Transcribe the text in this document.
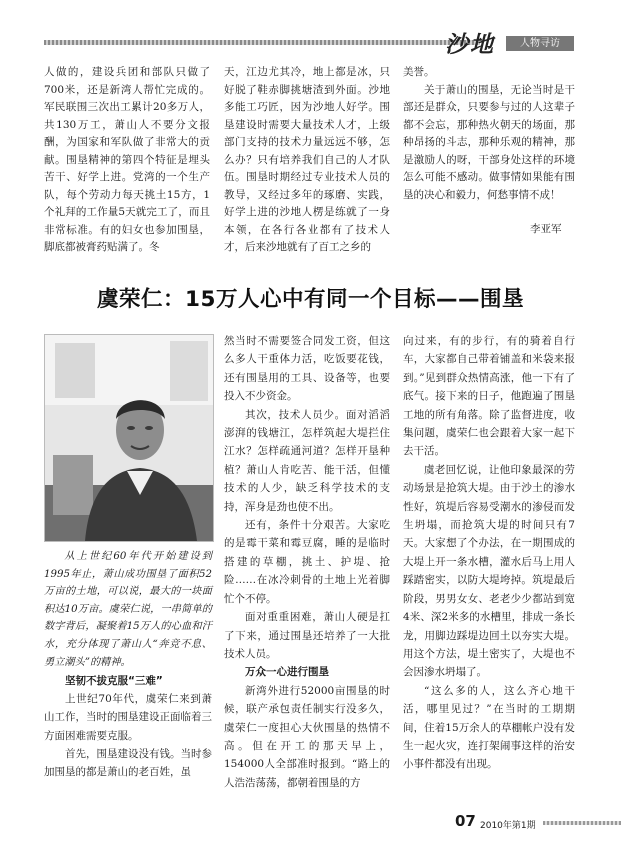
沙地	人物寻访

人做的，建设兵团和部队只做了700米，还是新湾人帮忙完成的。军民联围三次出工累计20多万人，共130万工，萧山人不要分文报酬，为国家和军队做了非常大的贡献。围垦精神的第四个特征是埋头苦干、好学上进。党湾的一个生产队，每个劳动力每天挑土15方，1个礼拜的工作量5天就完工了，而且非常标准。有的妇女也参加围垦，脚底都被膏药贴满了。冬

天，江边尤其冷，地上都是冰，只好脱了鞋赤脚挑塘渣到外面。沙地多能工巧匠，因为沙地人好学。围垦建设时需要大量技术人才，上级部门支持的技术力量远远不够，怎么办？只有培养我们自己的人才队伍。围垦时期经过专业技术人员的教导，又经过多年的琢磨、实践，好学上进的沙地人楞是练就了一身本领，在各行各业都有了技术人才，后来沙地就有了百工之乡的

美誉。

关于萧山的围垦，无论当时是干部还是群众，只要参与过的人这辈子都不会忘，那种热火朝天的场面，那种昂扬的斗志，那种乐观的精神，那是激励人的呀，干部身处这样的环境怎么可能不感动。做事情如果能有围垦的决心和毅力，何愁事情不成！

李亚军
虞荣仁：15万人心中有同一个目标——围垦

从上世纪60年代开始建设到1995年止，萧山成功围垦了面积52万亩的土地，可以说，最大的一块面积达10万亩。虞荣仁说，一串简单的数字背后，凝聚着15万人的心血和汗水，充分体现了萧山人“奔竞不息、勇立潮头”的精神。

坚韧不拔克服“三难”

上世纪70年代，虞荣仁来到萧山工作，当时的围垦建设正面临着三方面困难需要克服。

首先，围垦建设没有钱。当时参加围垦的都是萧山的老百姓，虽

然当时不需要签合同发工资，但这么多人干重体力活，吃饭要花钱，还有围垦用的工具、设备等，也要投入不少资金。

其次，技术人员少。面对滔滔澎湃的钱塘江，怎样筑起大堤拦住江水？怎样疏通河道？怎样开垦种植？萧山人肯吃苦、能干活，但懂技术的人少，缺乏科学技术的支持，浑身是劲也使不出。

还有，条件十分艰苦。大家吃的是霉干菜和霉豆腐，睡的是临时搭建的草棚，挑土、护堤、抢险……在冰冷刺骨的土地上光着脚忙个不停。

面对重重困难，萧山人硬是扛了下来，通过围垦还培养了一大批技术人员。

万众一心进行围垦

新湾外进行52000亩围垦的时候，联产承包责任制实行没多久，虞荣仁一度担心大伙围垦的热情不高。但在开工的那天早上，154000人全部准时报到。“路上的人浩浩荡荡，都朝着围垦的方

向过来，有的步行，有的骑着自行车，大家都自己带着铺盖和米袋来报到。”见到群众热情高涨，他一下有了底气。接下来的日子，他跑遍了围垦工地的所有角落。除了监督进度，收集问题，虞荣仁也会跟着大家一起下去干活。

虞老回忆说，让他印象最深的劳动场景是抢筑大堤。由于沙土的渗水性好，筑堤后容易受潮水的渗侵而发生坍塌，而抢筑大堤的时间只有7天。大家想了个办法，在一期围成的大堤上开一条水槽，灌水后马上用人踩踏密实，以防大堤垮掉。筑堤最后阶段，男男女女、老老少少都站到宽4米、深2米多的水槽里，排成一条长龙，用脚边踩堤边回土以夯实大堤。用这个方法，堤土密实了，大堤也不会因渗水坍塌了。

“这么多的人，这么齐心地干活，哪里见过？”在当时的工期期间，住着15万余人的草棚帐户没有发生一起火灾，连打架闹事这样的治安小事件都没有出现。

07 2010年第1期
